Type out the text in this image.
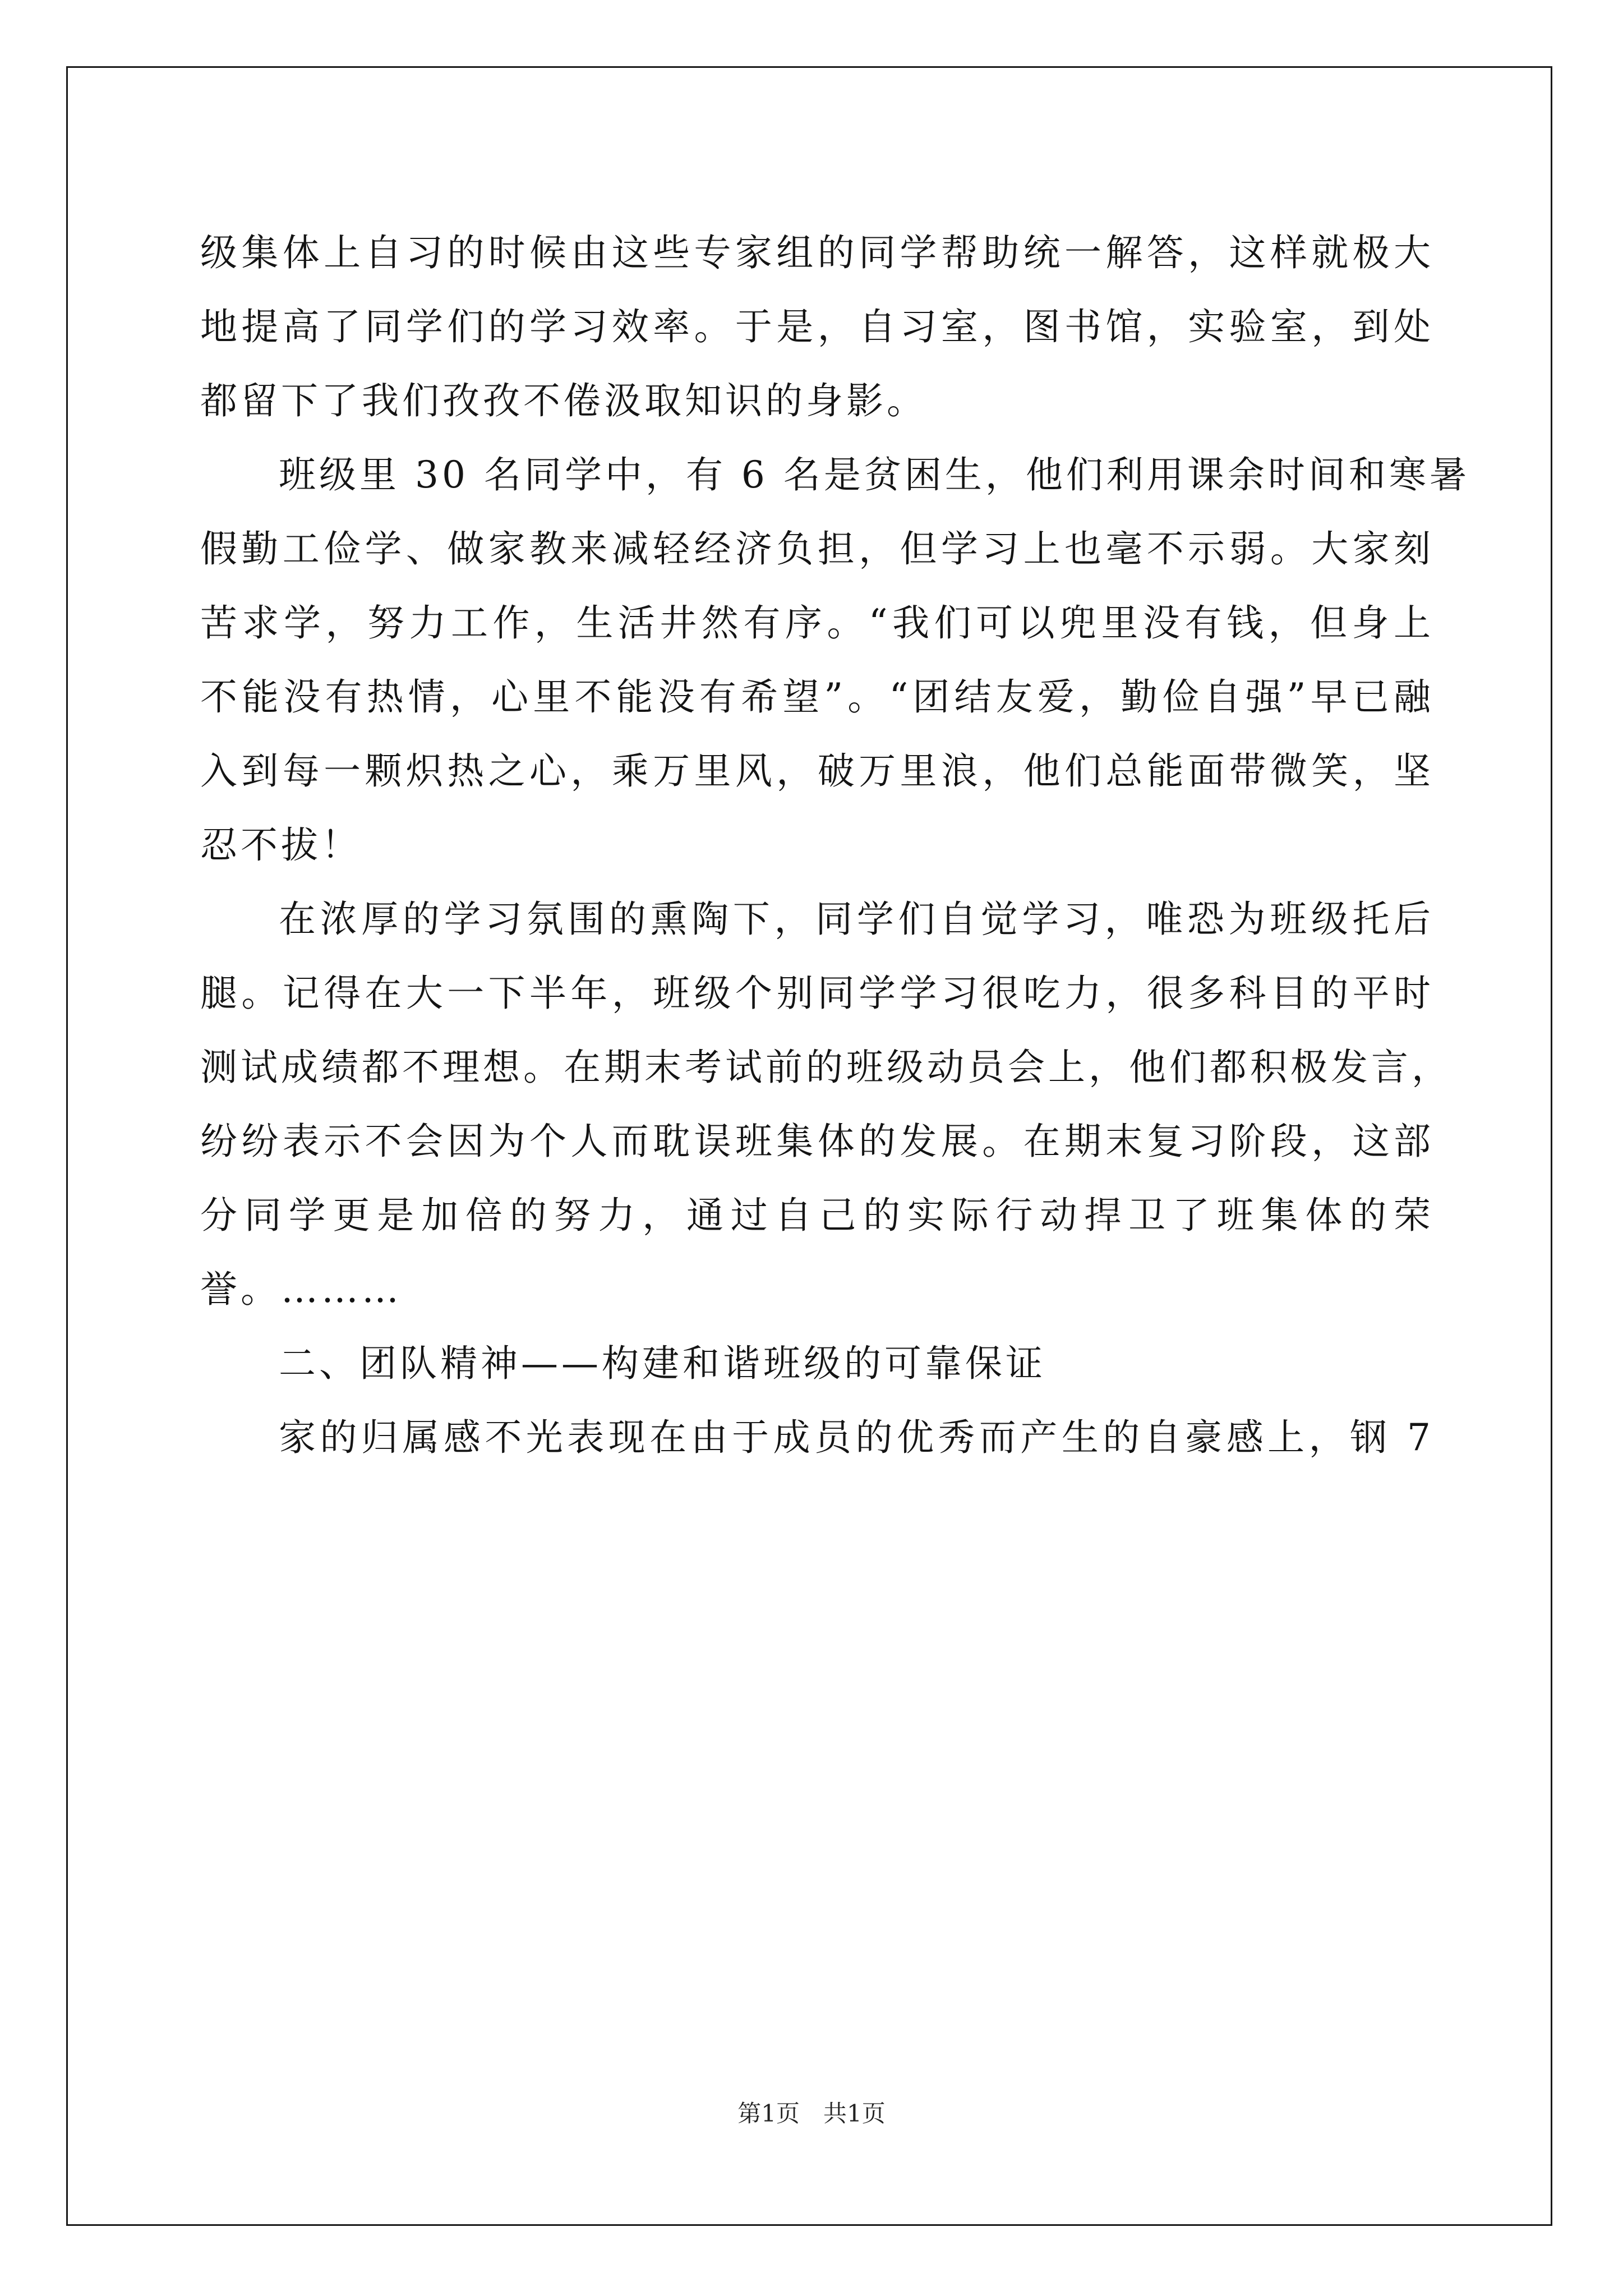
级集体上自习的时候由这些专家组的同学帮助统一解答，这样就极大
地提高了同学们的学习效率。于是，自习室，图书馆，实验室，到处
都留下了我们孜孜不倦汲取知识的身影。
班级里 30 名同学中，有 6 名是贫困生，他们利用课余时间和寒暑
假勤工俭学、做家教来减轻经济负担，但学习上也毫不示弱。大家刻
苦求学，努力工作，生活井然有序。“我们可以兜里没有钱，但身上
不能没有热情，心里不能没有希望”。“团结友爱，勤俭自强”早已融
入到每一颗炽热之心，乘万里风，破万里浪，他们总能面带微笑，坚
忍不拔！
在浓厚的学习氛围的熏陶下，同学们自觉学习，唯恐为班级托后
腿。记得在大一下半年，班级个别同学学习很吃力，很多科目的平时
测试成绩都不理想。在期末考试前的班级动员会上，他们都积极发言，
纷纷表示不会因为个人而耽误班集体的发展。在期末复习阶段，这部
分同学更是加倍的努力，通过自己的实际行动捍卫了班集体的荣
誉。………
二、团队精神——构建和谐班级的可靠保证
家的归属感不光表现在由于成员的优秀而产生的自豪感上，钢 7
第1页　共1页
